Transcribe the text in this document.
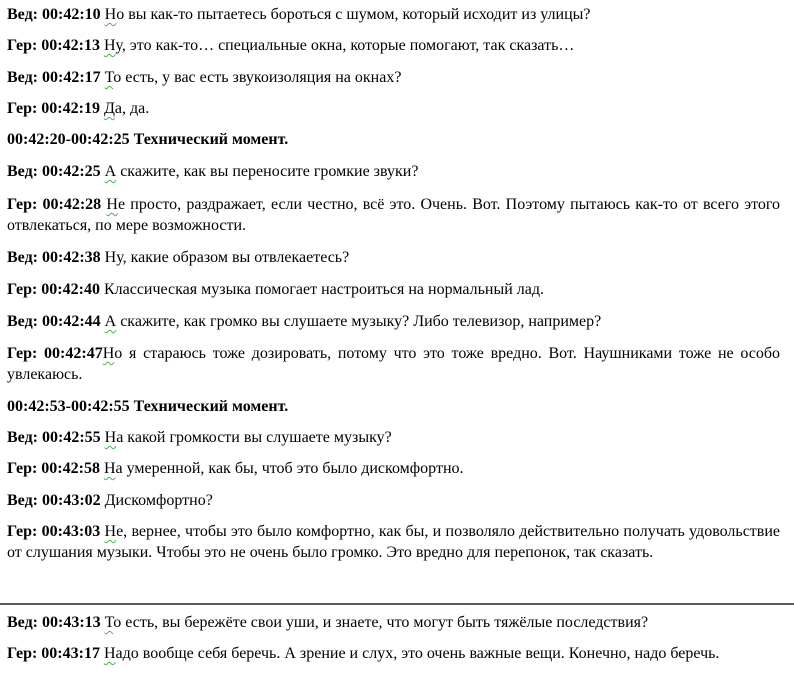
Вед: 00:42:10 Но вы как-то пытаетесь бороться с шумом, который исходит из улицы?

Гер: 00:42:13 Ну, это как-то… специальные окна, которые помогают, так сказать…

Вед: 00:42:17 То есть, у вас есть звукоизоляция на окнах?

Гер: 00:42:19 Да, да.

00:42:20-00:42:25 Технический момент.

Вед: 00:42:25 А скажите, как вы переносите громкие звуки?

Гер: 00:42:28 Не просто, раздражает, если честно, всё это. Очень. Вот. Поэтому пытаюсь как-то от всего этого отвлекаться, по мере возможности.

Вед: 00:42:38 Ну, какие образом вы отвлекаетесь?

Гер: 00:42:40 Классическая музыка помогает настроиться на нормальный лад.

Вед: 00:42:44 А скажите, как громко вы слушаете музыку? Либо телевизор, например?

Гер: 00:42:47Но я стараюсь тоже дозировать, потому что это тоже вредно. Вот. Наушниками тоже не особо увлекаюсь.

00:42:53-00:42:55 Технический момент.

Вед: 00:42:55 На какой громкости вы слушаете музыку?

Гер: 00:42:58 На умеренной, как бы, чтоб это было дискомфортно.

Вед: 00:43:02 Дискомфортно?

Гер: 00:43:03 Не, вернее, чтобы это было комфортно, как бы, и позволяло действительно получать удовольствие от слушания музыки. Чтобы это не очень было громко. Это вредно для перепонок, так сказать.

Вед: 00:43:13 То есть, вы бережёте свои уши, и знаете, что могут быть тяжёлые последствия?

Гер: 00:43:17 Надо вообще себя беречь. А зрение и слух, это очень важные вещи. Конечно, надо беречь.
